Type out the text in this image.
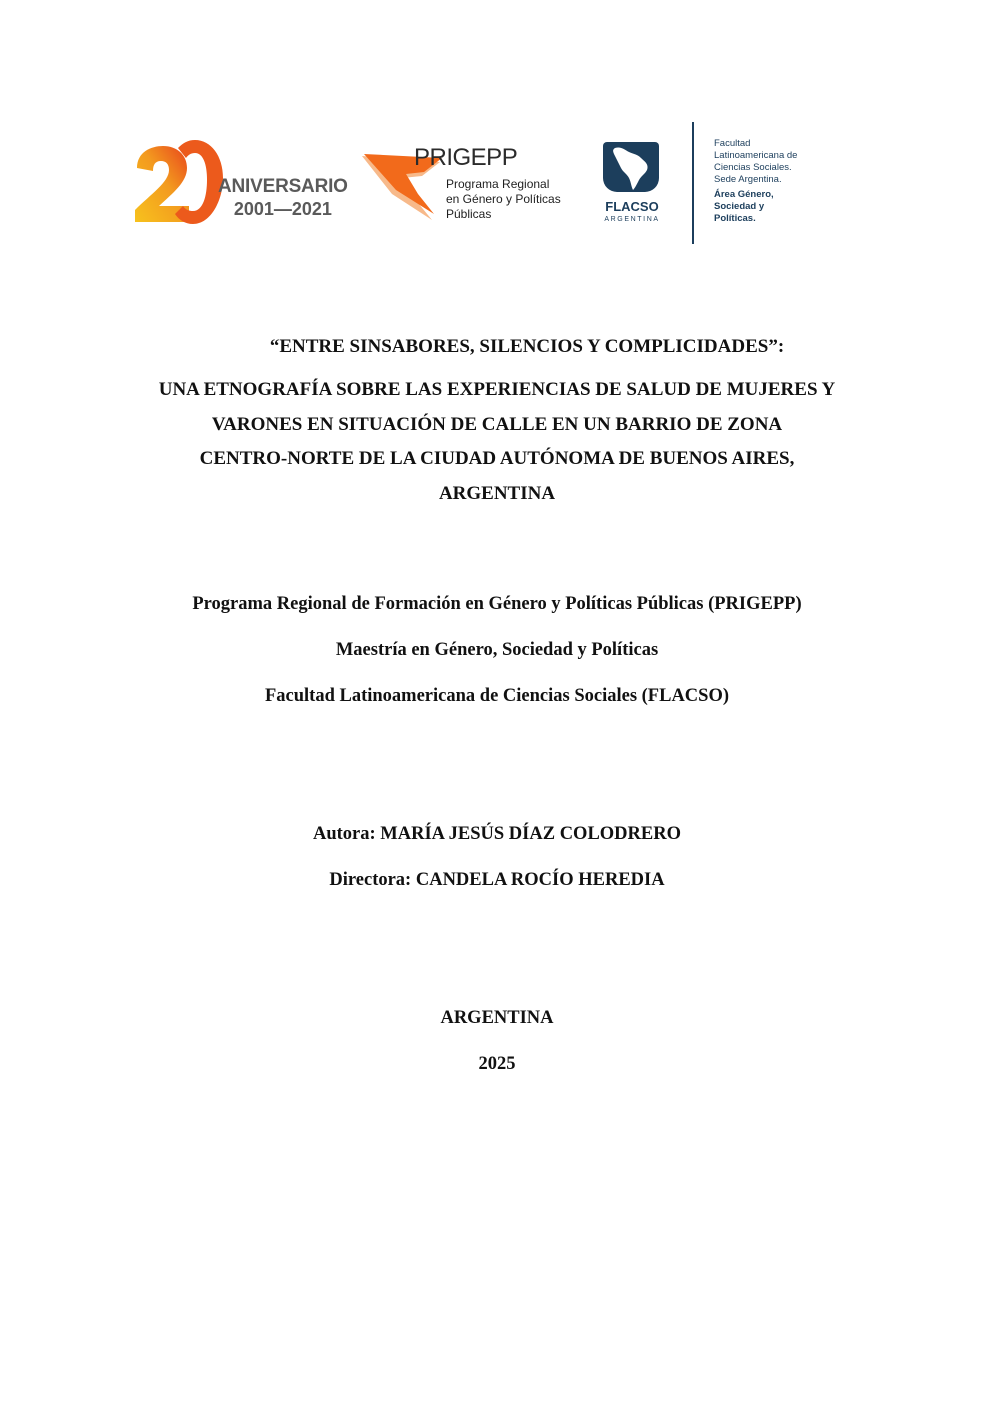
ANIVERSARIO
2001—2021
PRIGEPP
Programa Regional
en Género y Políticas
Públicas	FLACSO
ARGENTINA
Facultad
Latinoamericana de
Ciencias Sociales.
Sede Argentina.
Área Género,
Sociedad y
Políticas.
“ENTRE SINSABORES, SILENCIOS Y COMPLICIDADES”:
UNA ETNOGRAFÍA SOBRE LAS EXPERIENCIAS DE SALUD DE MUJERES Y
VARONES EN SITUACIÓN DE CALLE EN UN BARRIO DE ZONA
CENTRO-NORTE DE LA CIUDAD AUTÓNOMA DE BUENOS AIRES,
ARGENTINA
Programa Regional de Formación en Género y Políticas Públicas (PRIGEPP)
Maestría en Género, Sociedad y Políticas
Facultad Latinoamericana de Ciencias Sociales (FLACSO)
Autora: MARÍA JESÚS DÍAZ COLODRERO
Directora: CANDELA ROCÍO HEREDIA
ARGENTINA
2025
